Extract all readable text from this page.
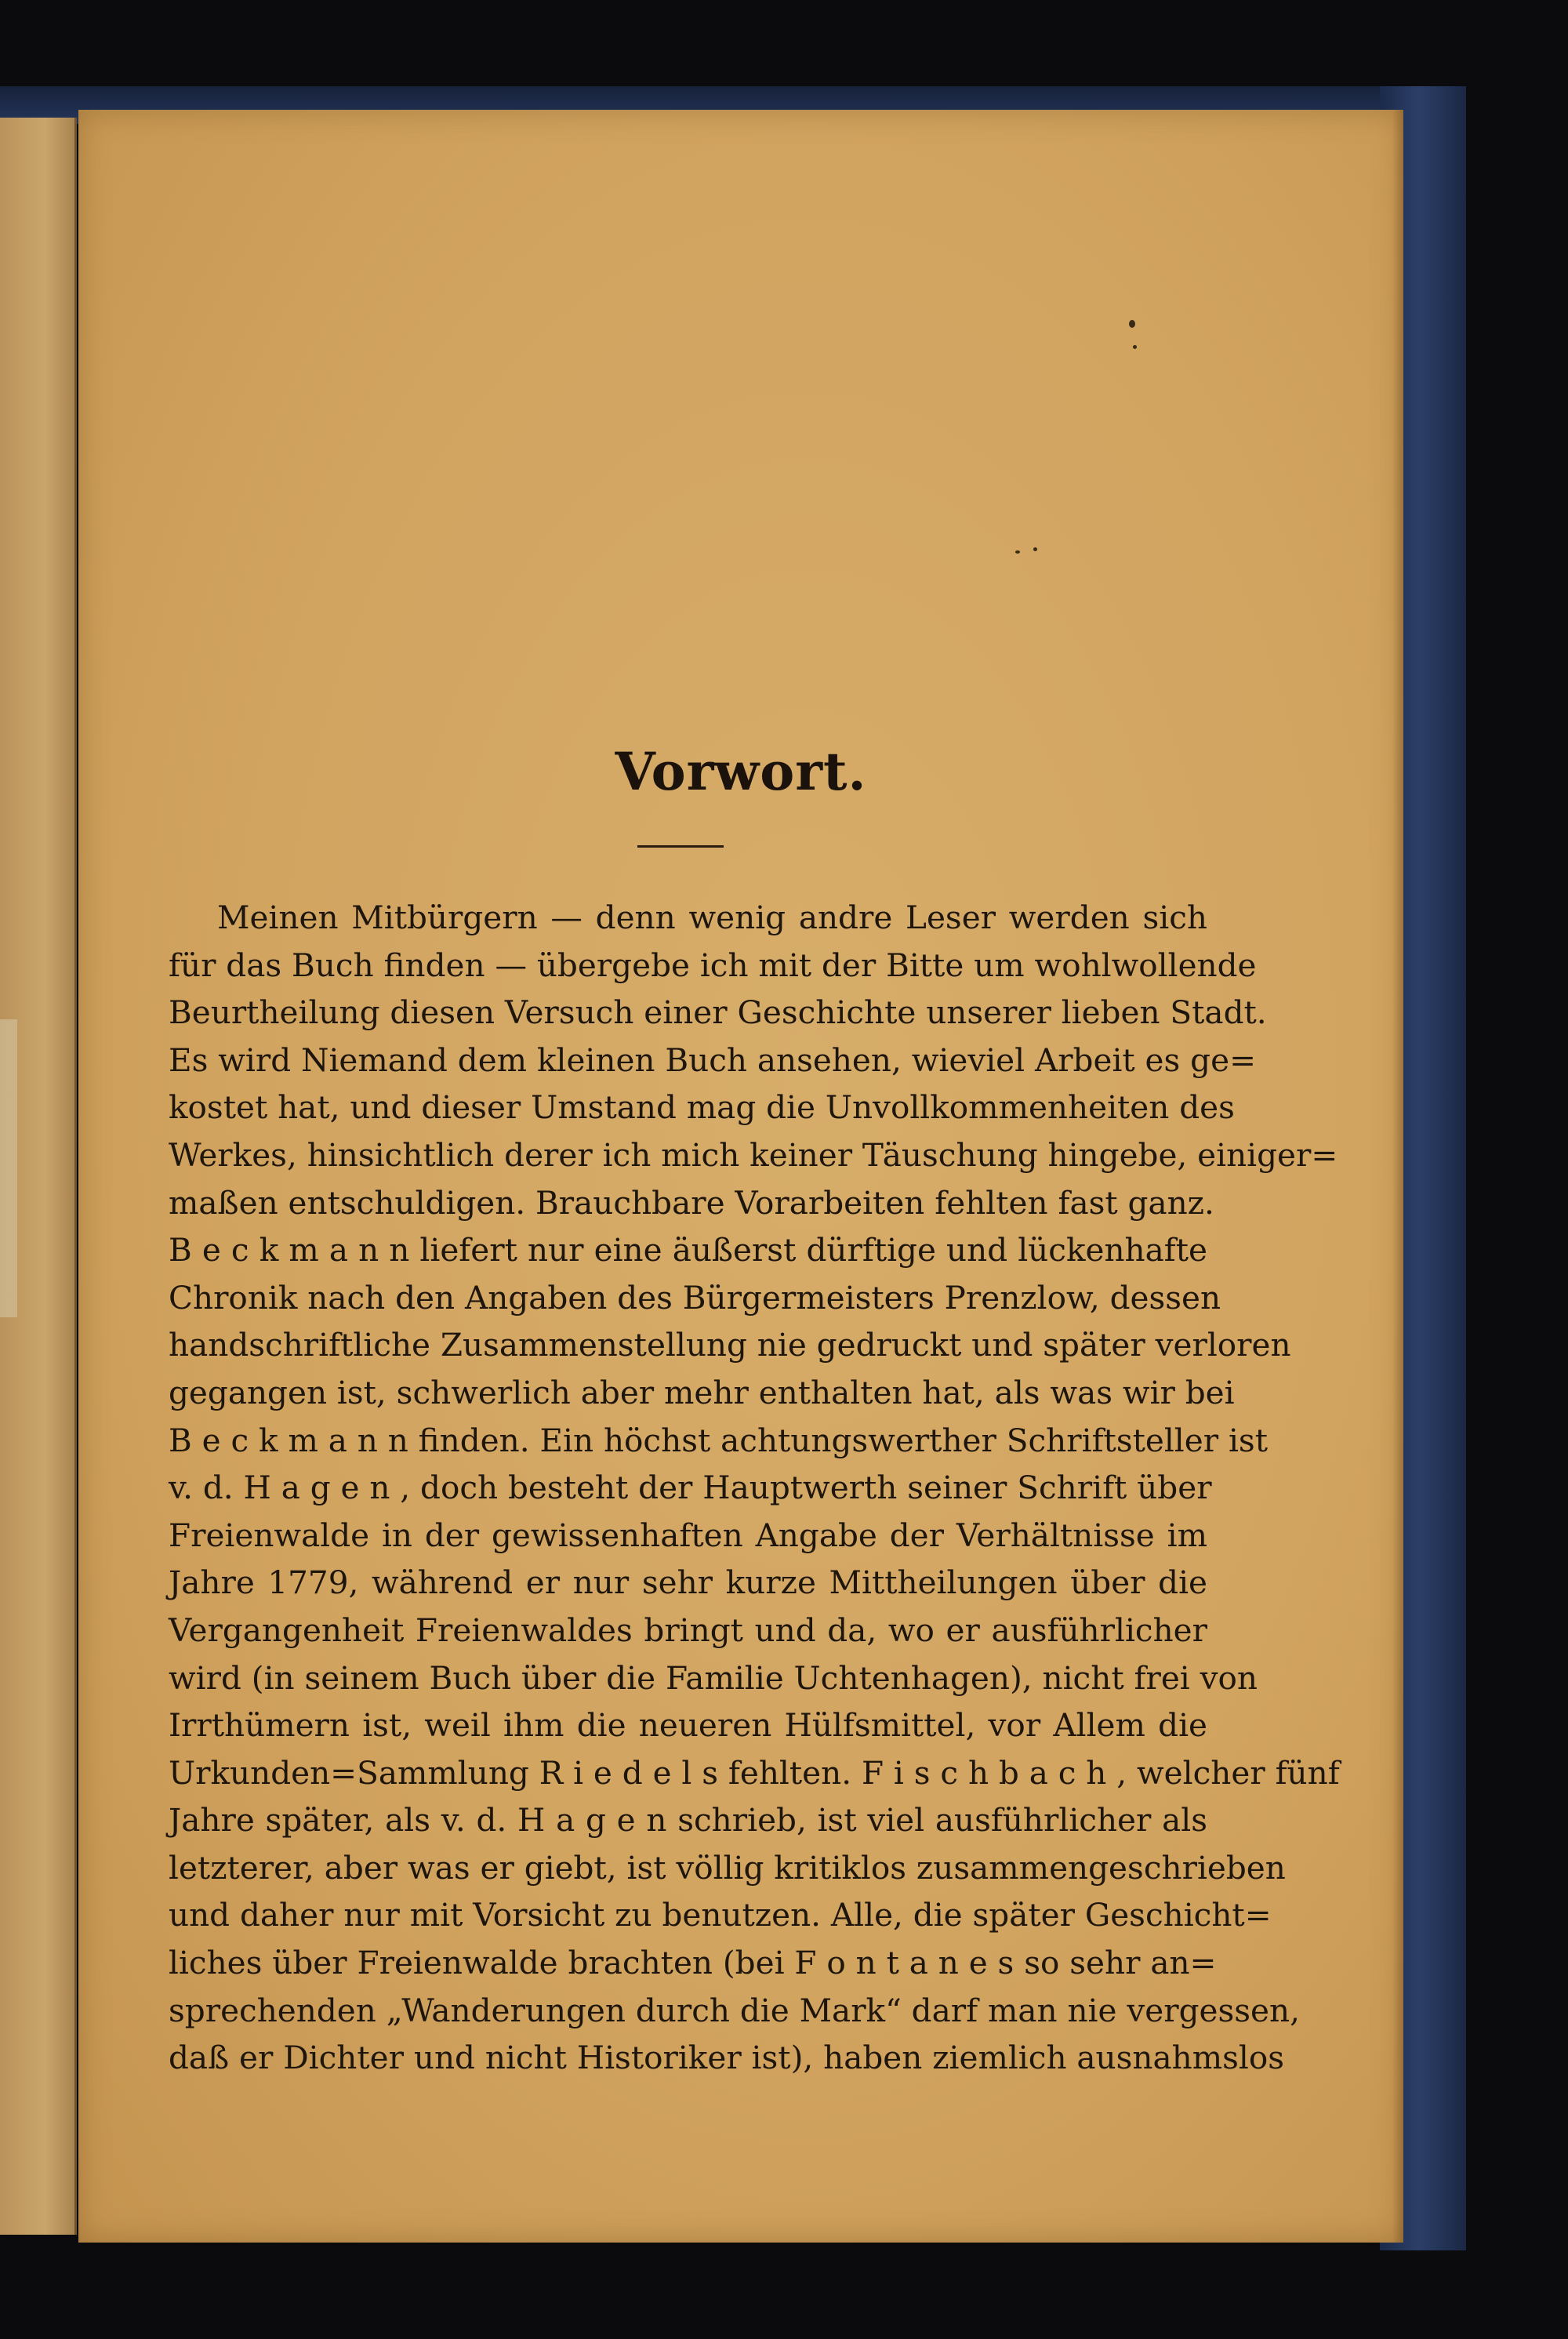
Vorwort.
Meinen Mitbürgern — denn wenig andre Leser werden sich
für das Buch finden — übergebe ich mit der Bitte um wohlwollende
Beurtheilung diesen Versuch einer Geschichte unserer lieben Stadt.
Es wird Niemand dem kleinen Buch ansehen, wieviel Arbeit es ge=
kostet hat, und dieser Umstand mag die Unvollkommenheiten des
Werkes, hinsichtlich derer ich mich keiner Täuschung hingebe, einiger=
maßen entschuldigen. Brauchbare Vorarbeiten fehlten fast ganz.
B e c k m a n n liefert nur eine äußerst dürftige und lückenhafte
Chronik nach den Angaben des Bürgermeisters Prenzlow, dessen
handschriftliche Zusammenstellung nie gedruckt und später verloren
gegangen ist, schwerlich aber mehr enthalten hat, als was wir bei
B e c k m a n n finden. Ein höchst achtungswerther Schriftsteller ist
v. d. H a g e n , doch besteht der Hauptwerth seiner Schrift über
Freienwalde in der gewissenhaften Angabe der Verhältnisse im
Jahre 1779, während er nur sehr kurze Mittheilungen über die
Vergangenheit Freienwaldes bringt und da, wo er ausführlicher
wird (in seinem Buch über die Familie Uchtenhagen), nicht frei von
Irrthümern ist, weil ihm die neueren Hülfsmittel, vor Allem die
Urkunden=Sammlung R i e d e l s fehlten. F i s c h b a c h , welcher fünf
Jahre später, als v. d. H a g e n schrieb, ist viel ausführlicher als
letzterer, aber was er giebt, ist völlig kritiklos zusammengeschrieben
und daher nur mit Vorsicht zu benutzen. Alle, die später Geschicht=
liches über Freienwalde brachten (bei F o n t a n e s so sehr an=
sprechenden „Wanderungen durch die Mark“ darf man nie vergessen,
daß er Dichter und nicht Historiker ist), haben ziemlich ausnahmslos
